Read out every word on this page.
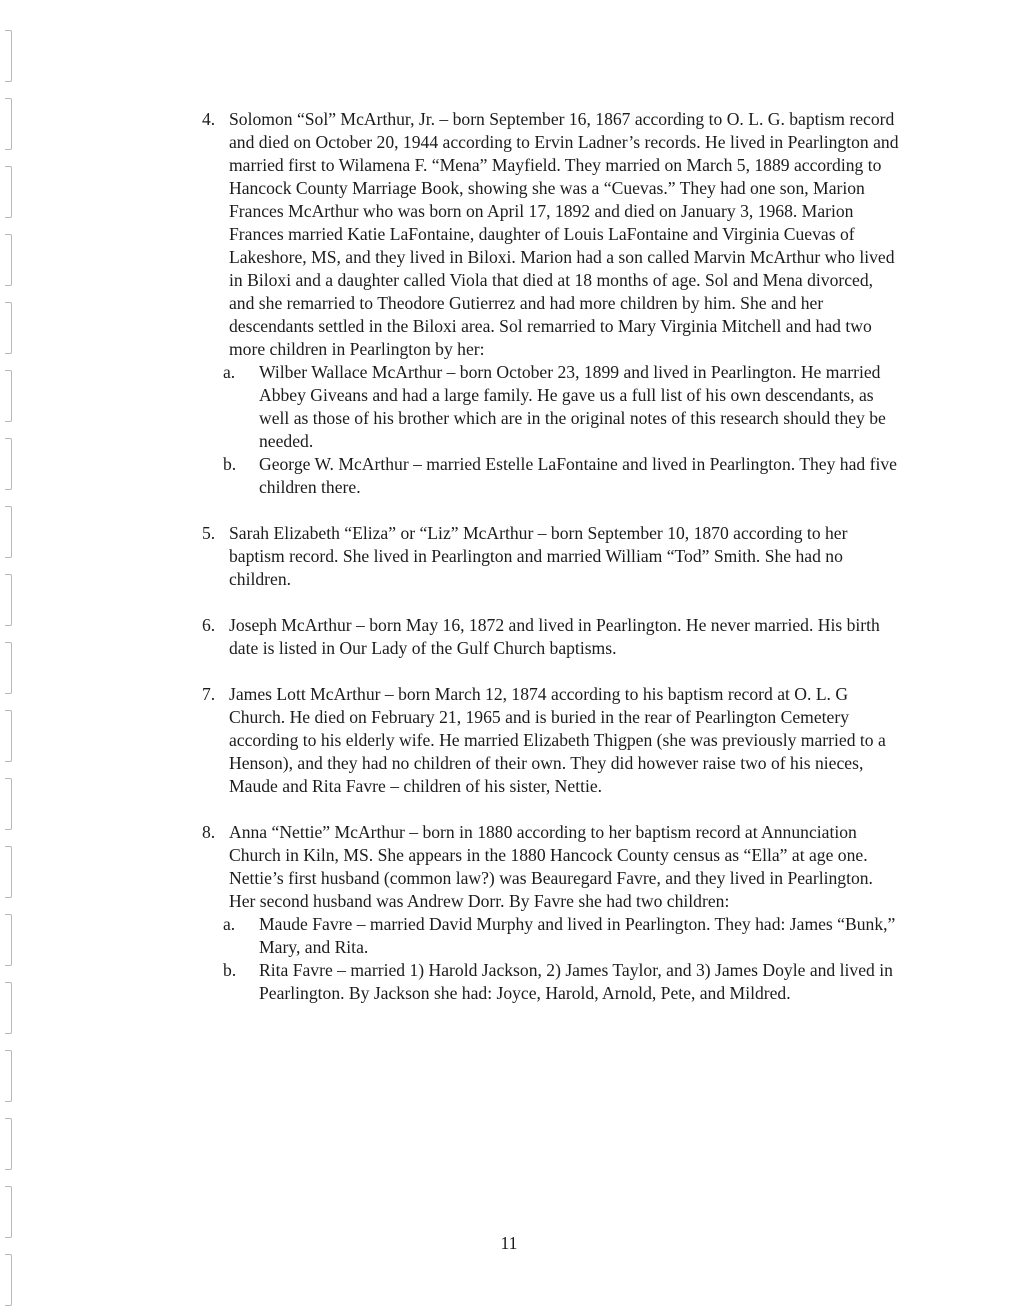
4. Solomon “Sol” McArthur, Jr. – born September 16, 1867 according to O. L. G. baptism record and died on October 20, 1944 according to Ervin Ladner’s records. He lived in Pearlington and married first to Wilamena F. “Mena” Mayfield. They married on March 5, 1889 according to Hancock County Marriage Book, showing she was a “Cuevas.” They had one son, Marion Frances McArthur who was born on April 17, 1892 and died on January 3, 1968. Marion Frances married Katie LaFontaine, daughter of Louis LaFontaine and Virginia Cuevas of Lakeshore, MS, and they lived in Biloxi. Marion had a son called Marvin McArthur who lived in Biloxi and a daughter called Viola that died at 18 months of age. Sol and Mena divorced, and she remarried to Theodore Gutierrez and had more children by him. She and her descendants settled in the Biloxi area. Sol remarried to Mary Virginia Mitchell and had two more children in Pearlington by her:

a. Wilber Wallace McArthur – born October 23, 1899 and lived in Pearlington. He married Abbey Giveans and had a large family. He gave us a full list of his own descendants, as well as those of his brother which are in the original notes of this research should they be needed.
b. George W. McArthur – married Estelle LaFontaine and lived in Pearlington. They had five children there.
5. Sarah Elizabeth “Eliza” or “Liz” McArthur – born September 10, 1870 according to her baptism record. She lived in Pearlington and married William “Tod” Smith. She had no children.

6. Joseph McArthur – born May 16, 1872 and lived in Pearlington. He never married. His birth date is listed in Our Lady of the Gulf Church baptisms.

7. James Lott McArthur – born March 12, 1874 according to his baptism record at O. L. G Church. He died on February 21, 1965 and is buried in the rear of Pearlington Cemetery according to his elderly wife. He married Elizabeth Thigpen (she was previously married to a Henson), and they had no children of their own. They did however raise two of his nieces, Maude and Rita Favre – children of his sister, Nettie.

8. Anna “Nettie” McArthur – born in 1880 according to her baptism record at Annunciation Church in Kiln, MS. She appears in the 1880 Hancock County census as “Ella” at age one. Nettie’s first husband (common law?) was Beauregard Favre, and they lived in Pearlington. Her second husband was Andrew Dorr. By Favre she had two children:

a. Maude Favre – married David Murphy and lived in Pearlington. They had: James “Bunk,” Mary, and Rita.
b. Rita Favre – married 1) Harold Jackson, 2) James Taylor, and 3) James Doyle and lived in Pearlington. By Jackson she had: Joyce, Harold, Arnold, Pete, and Mildred.
11
